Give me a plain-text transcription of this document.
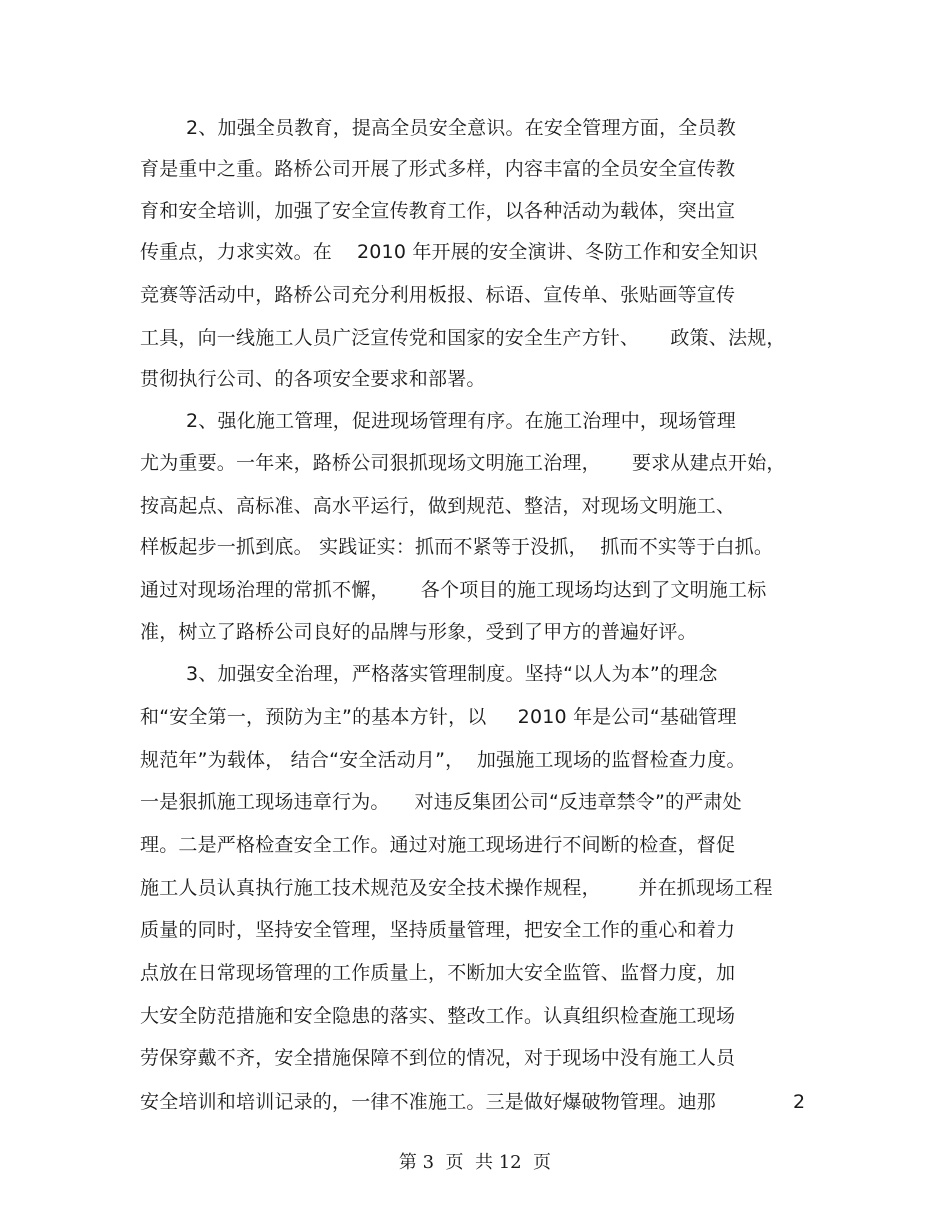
2、加强全员教育，提高全员安全意识。在安全管理方面，全员教
育是重中之重。路桥公司开展了形式多样，内容丰富的全员安全宣传教
育和安全培训，加强了安全宣传教育工作，以各种活动为载体，突出宣
传重点，力求实效。在    2010 年开展的安全演讲、冬防工作和安全知识
竞赛等活动中，路桥公司充分利用板报、标语、宣传单、张贴画等宣传
工具，向一线施工人员广泛宣传党和国家的安全生产方针、     政策、法规，
贯彻执行公司、的各项安全要求和部署。
2、强化施工管理，促进现场管理有序。在施工治理中，现场管理
尤为重要。一年来，路桥公司狠抓现场文明施工治理，     要求从建点开始，
按高起点、高标准、高水平运行，做到规范、整洁，对现场文明施工、
样板起步一抓到底。 实践证实：抓而不紧等于没抓，  抓而不实等于白抓。
通过对现场治理的常抓不懈，     各个项目的施工现场均达到了文明施工标
准，树立了路桥公司良好的品牌与形象，受到了甲方的普遍好评。
3、加强安全治理，严格落实管理制度。坚持“以人为本”的理念
和“安全第一，预防为主”的基本方针，以     2010 年是公司“基础管理
规范年”为载体， 结合“安全活动月”，  加强施工现场的监督检查力度。
一是狠抓施工现场违章行为。    对违反集团公司“反违章禁令”的严肃处
理。二是严格检查安全工作。通过对施工现场进行不间断的检查，督促
施工人员认真执行施工技术规范及安全技术操作规程，      并在抓现场工程
质量的同时，坚持安全管理，坚持质量管理，把安全工作的重心和着力
点放在日常现场管理的工作质量上，不断加大安全监管、监督力度，加
大安全防范措施和安全隐患的落实、整改工作。认真组织检查施工现场
劳保穿戴不齐，安全措施保障不到位的情况，对于现场中没有施工人员
安全培训和培训记录的，一律不准施工。三是做好爆破物管理。迪那	2
第 3  页  共 12  页
